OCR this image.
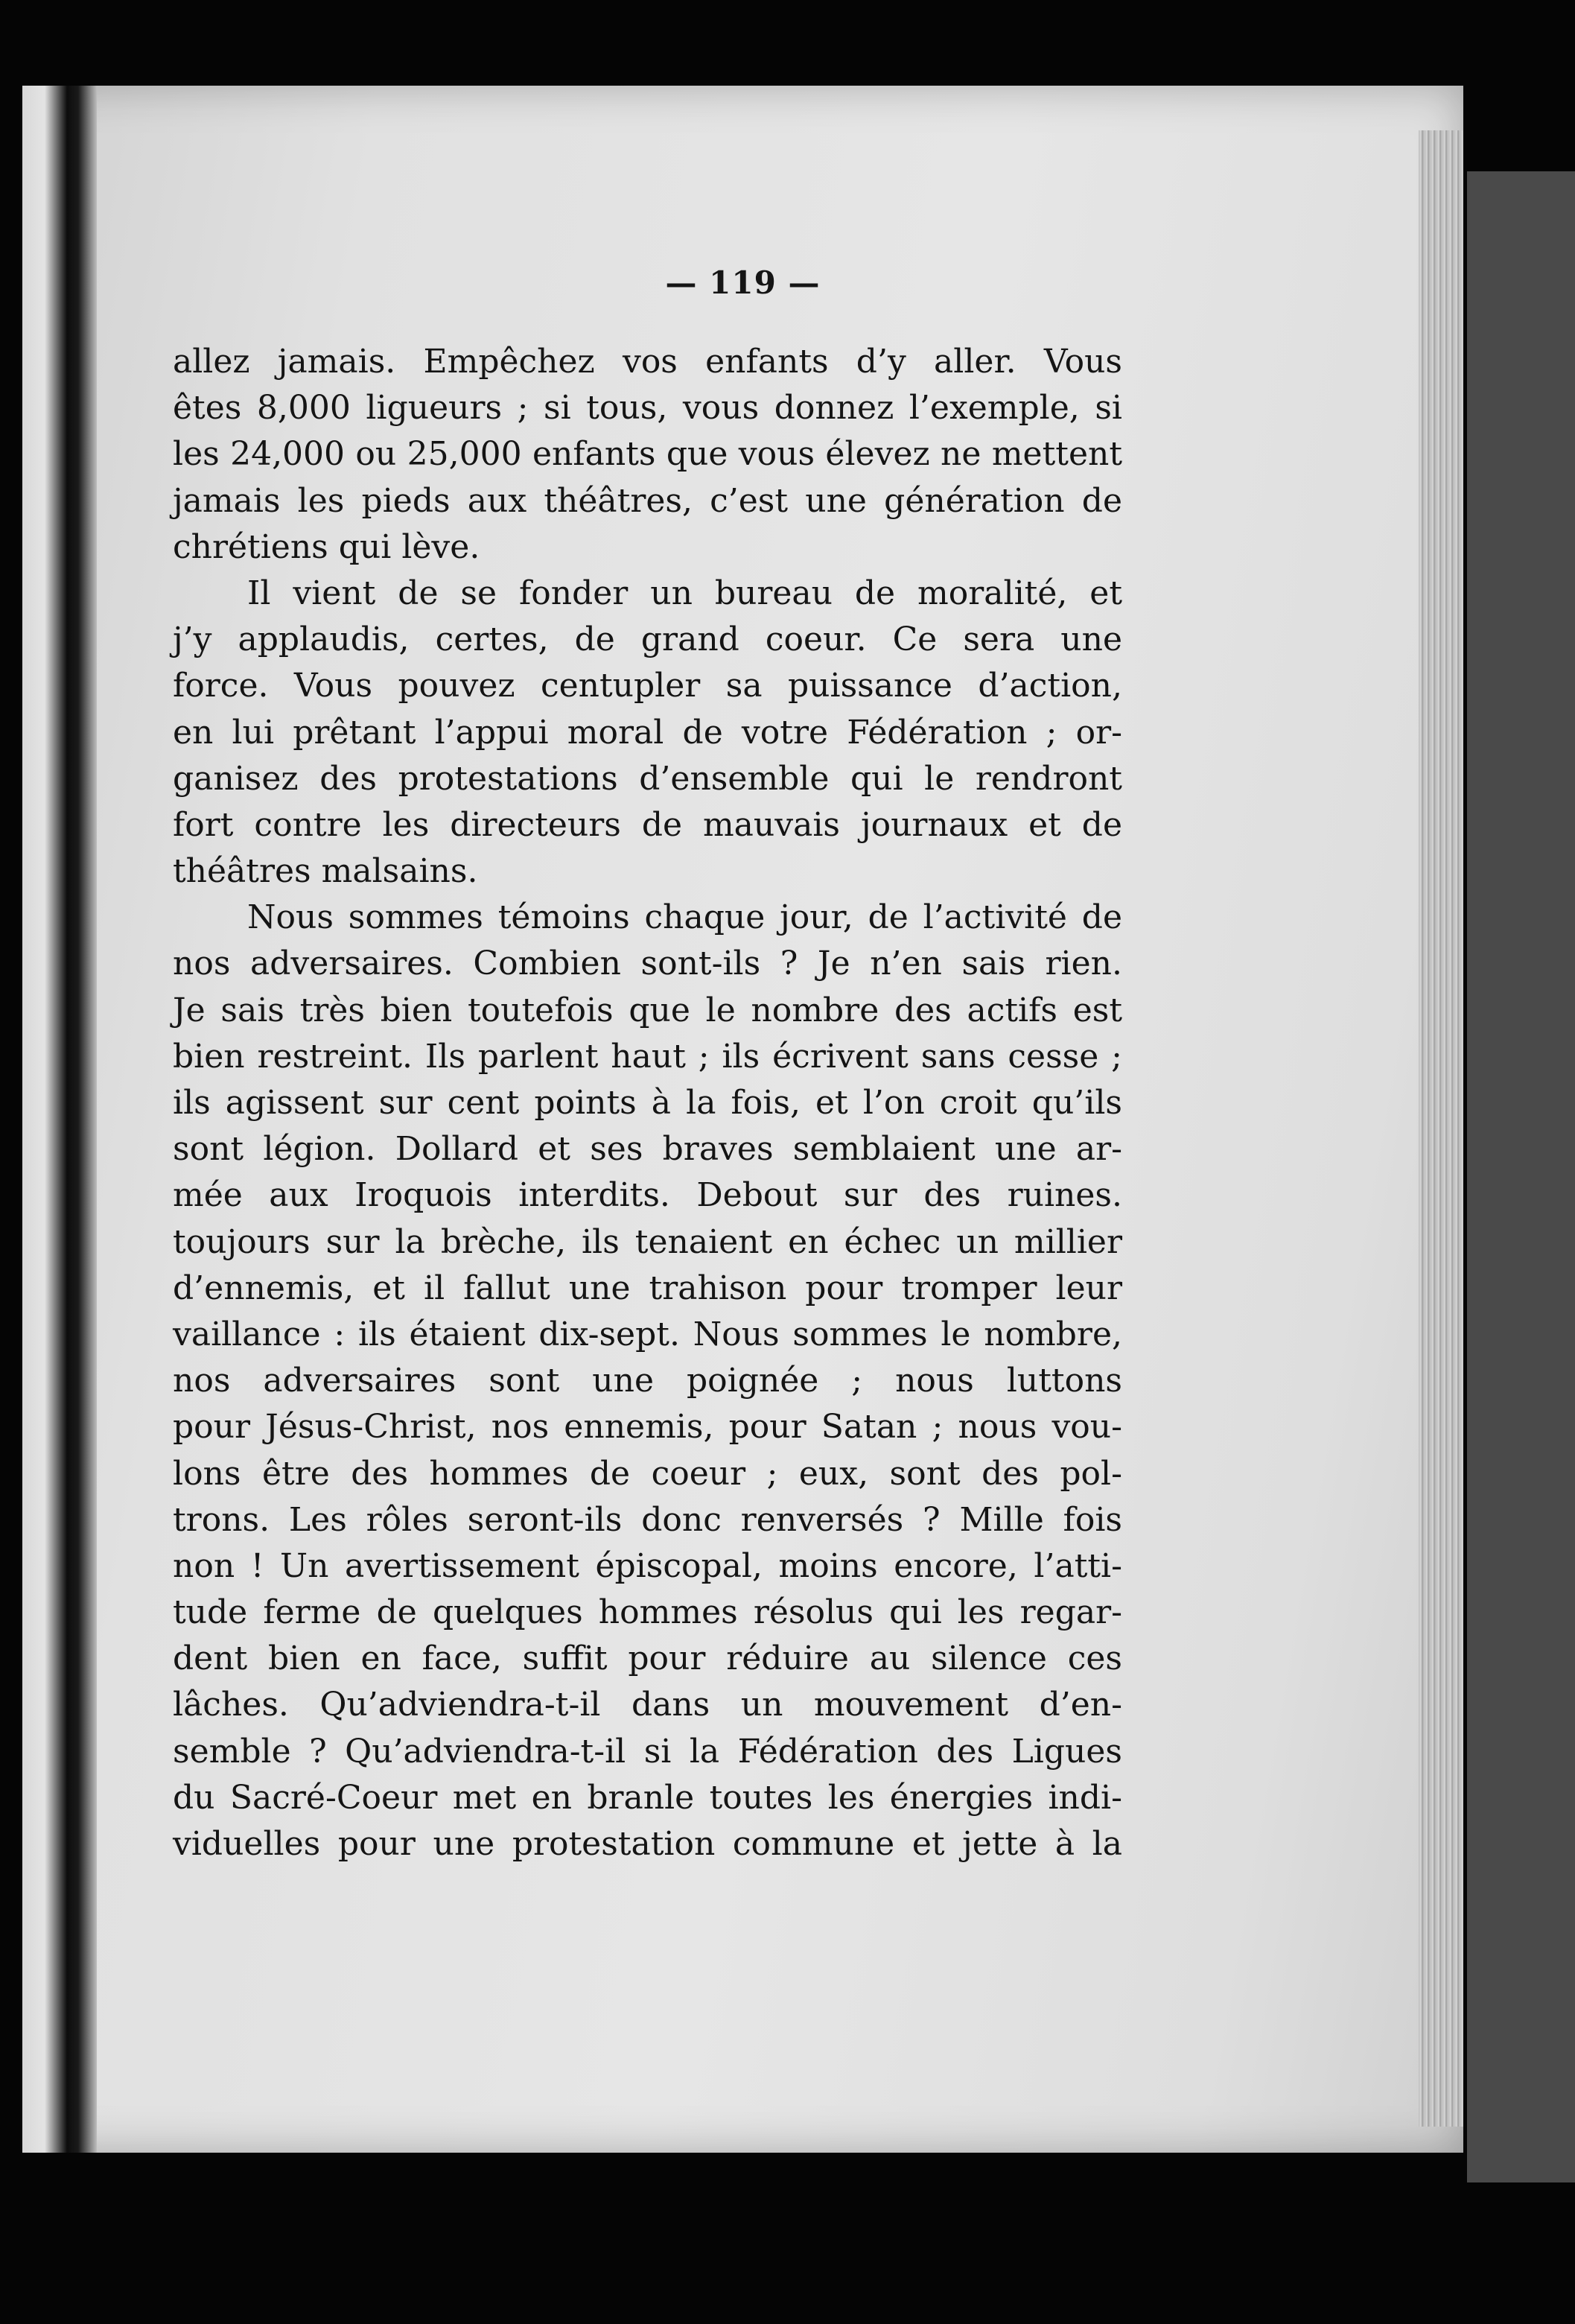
— 119 —
allez jamais. Empêchez vos enfants d’y aller. Vous
êtes 8,000 ligueurs ; si tous, vous donnez l’exemple, si
les 24,000 ou 25,000 enfants que vous élevez ne mettent
jamais les pieds aux théâtres, c’est une génération de
chrétiens qui lève.
Il vient de se fonder un bureau de moralité, et
j’y applaudis, certes, de grand coeur. Ce sera une
force. Vous pouvez centupler sa puissance d’action,
en lui prêtant l’appui moral de votre Fédération ; or-
ganisez des protestations d’ensemble qui le rendront
fort contre les directeurs de mauvais journaux et de
théâtres malsains.
Nous sommes témoins chaque jour, de l’activité de
nos adversaires. Combien sont-ils ? Je n’en sais rien.
Je sais très bien toutefois que le nombre des actifs est
bien restreint. Ils parlent haut ; ils écrivent sans cesse ;
ils agissent sur cent points à la fois, et l’on croit qu’ils
sont légion. Dollard et ses braves semblaient une ar-
mée aux Iroquois interdits. Debout sur des ruines.
toujours sur la brèche, ils tenaient en échec un millier
d’ennemis, et il fallut une trahison pour tromper leur
vaillance : ils étaient dix-sept. Nous sommes le nombre,
nos adversaires sont une poignée ; nous luttons
pour Jésus-Christ, nos ennemis, pour Satan ; nous vou-
lons être des hommes de coeur ; eux, sont des pol-
trons. Les rôles seront-ils donc renversés ? Mille fois
non ! Un avertissement épiscopal, moins encore, l’atti-
tude ferme de quelques hommes résolus qui les regar-
dent bien en face, suffit pour réduire au silence ces
lâches. Qu’adviendra-t-il dans un mouvement d’en-
semble ? Qu’adviendra-t-il si la Fédération des Ligues
du Sacré-Coeur met en branle toutes les énergies indi-
viduelles pour une protestation commune et jette à la
